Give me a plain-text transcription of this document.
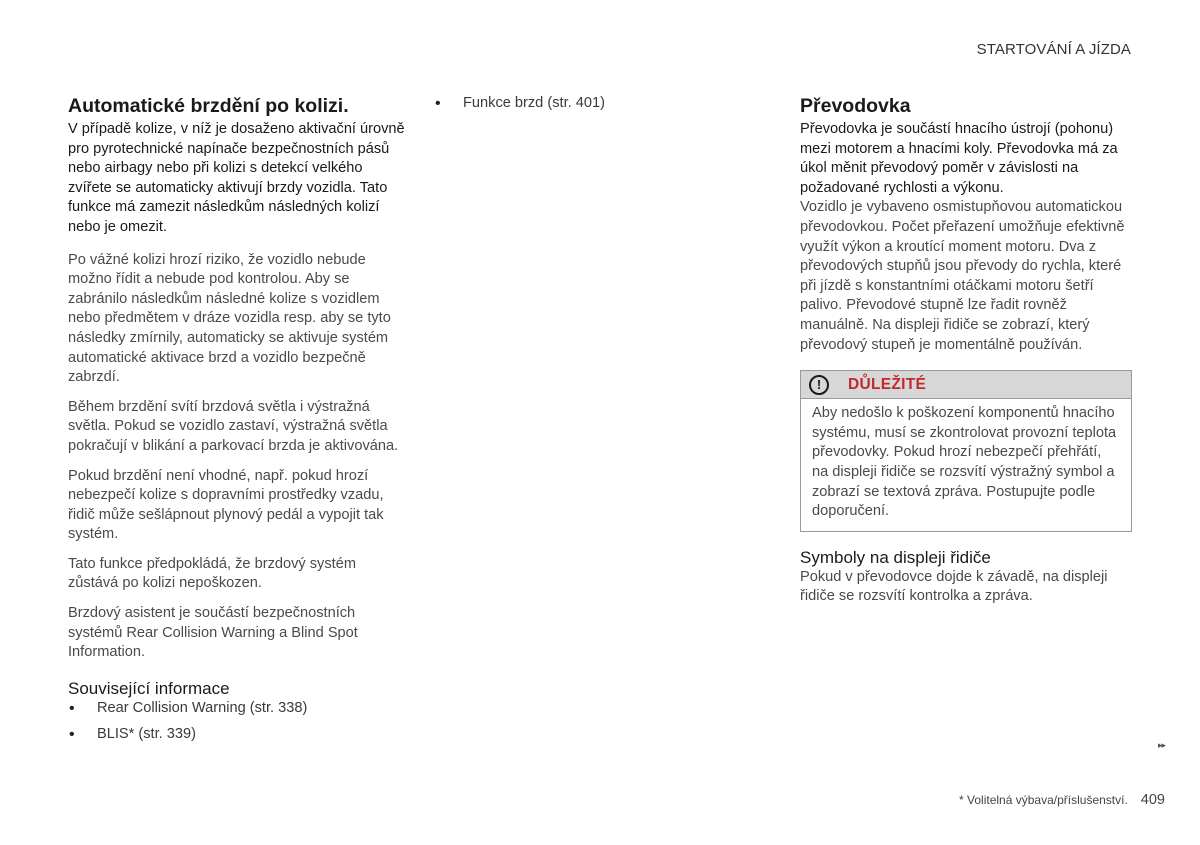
STARTOVÁNÍ A JÍZDA
Automatické brzdění po kolizi.

V případě kolize, v níž je dosaženo aktivační úrovně pro pyrotechnické napínače bezpečnostních pásů nebo airbagy nebo při kolizi s detekcí velkého zvířete se automaticky aktivují brzdy vozidla. Tato funkce má zamezit následkům následných kolizí nebo je omezit.

Po vážné kolizi hrozí riziko, že vozidlo nebude možno řídit a nebude pod kontrolou. Aby se zabránilo následkům následné kolize s vozidlem nebo předmětem v dráze vozidla resp. aby se tyto následky zmírnily, automaticky se aktivuje systém automatické aktivace brzd a vozidlo bezpečně zabrzdí.

Během brzdění svítí brzdová světla i výstražná světla. Pokud se vozidlo zastaví, výstražná světla pokračují v blikání a parkovací brzda je aktivována.

Pokud brzdění není vhodné, např. pokud hrozí nebezpečí kolize s dopravními prostředky vzadu, řidič může sešlápnout plynový pedál a vypojit tak systém.

Tato funkce předpokládá, že brzdový systém zůstává po kolizi nepoškozen.

Brzdový asistent je součástí bezpečnostních systémů Rear Collision Warning a Blind Spot Information.

Související informace
• Rear Collision Warning (str. 338)
• BLIS* (str. 339)
• Funkce brzd (str. 401)	Převodovka

Převodovka je součástí hnacího ústrojí (pohonu) mezi motorem a hnacími koly. Převodovka má za úkol měnit převodový poměr v závislosti na požadované rychlosti a výkonu.

Vozidlo je vybaveno osmistupňovou automatickou převodovkou. Počet přeřazení umožňuje efektivně využít výkon a kroutící moment motoru. Dva z převodových stupňů jsou převody do rychla, které při jízdě s konstantními otáčkami motoru šetří palivo. Převodové stupně lze řadit rovněž manuálně. Na displeji řidiče se zobrazí, který převodový stupeň je momentálně používán.

!	DŮLEŽITÉ
Aby nedošlo k poškození komponentů hnacího systému, musí se zkontrolovat provozní teplota převodovky. Pokud hrozí nebezpečí přehřátí, na displeji řidiče se rozsvítí výstražný symbol a zobrazí se textová zpráva. Postupujte podle doporučení.
Symboly na displeji řidiče

Pokud v převodovce dojde k závadě, na displeji řidiče se rozsvítí kontrolka a zpráva.

▸▸
* Volitelná výbava/příslušenství. 409
